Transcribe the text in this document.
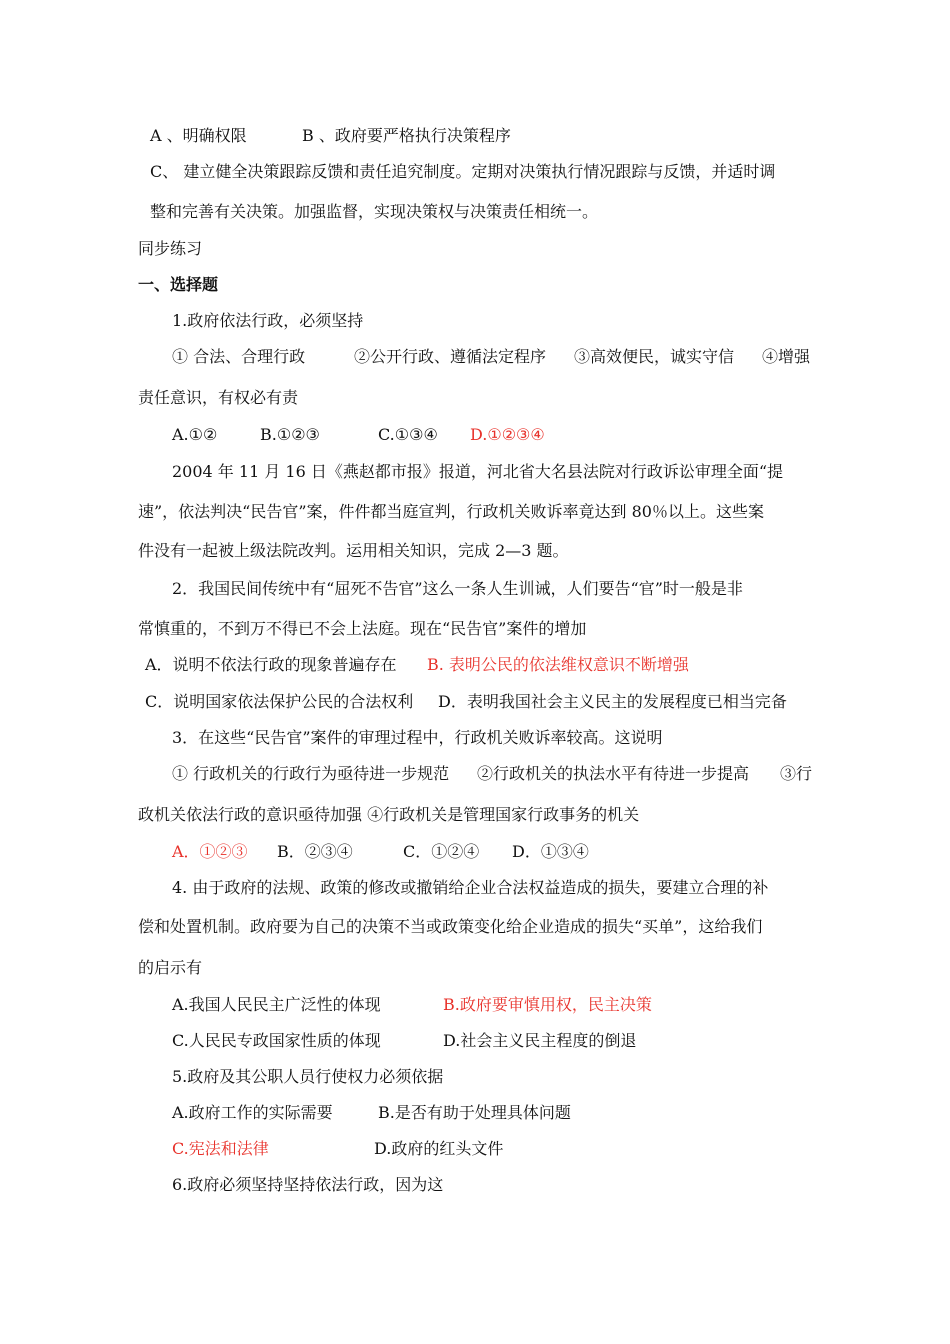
A 、明确权限	B 、政府要严格执行决策程序
C、 建立健全决策跟踪反馈和责任追究制度。定期对决策执行情况跟踪与反馈，并适时调
整和完善有关决策。加强监督，实现决策权与决策责任相统一。
同步练习
一、选择题
1.政府依法行政，必须坚持
① 合法、合理行政	②公开行政、遵循法定程序 ③高效便民，诚实守信 ④增强
责任意识，有权必有责
A.①②	B.①②③	C.①③④ D.①②③④
2004 年 11 月 16 日《燕赵都市报》报道，河北省大名县法院对行政诉讼审理全面“提
速”，依法判决“民告官”案，件件都当庭宣判，行政机关败诉率竟达到 80％以上。这些案
件没有一起被上级法院改判。运用相关知识，完成 2—3 题。
2．我国民间传统中有“屈死不告官”这么一条人生训诫，人们要告“官”时一般是非
常慎重的，不到万不得已不会上法庭。现在“民告官”案件的增加
A．说明不依法行政的现象普遍存在 B. 表明公民的依法维权意识不断增强
C．说明国家依法保护公民的合法权利 D．表明我国社会主义民主的发展程度已相当完备
3．在这些“民告官”案件的审理过程中，行政机关败诉率较高。这说明
① 行政机关的行政行为亟待进一步规范 ②行政机关的执法水平有待进一步提高 ③行
政机关依法行政的意识亟待加强 ④行政机关是管理国家行政事务的机关
A．①②③ B．②③④	C．①②④ D．①③④
4. 由于政府的法规、政策的修改或撤销给企业合法权益造成的损失，要建立合理的补
偿和处置机制。政府要为自己的决策不当或政策变化给企业造成的损失“买单”，这给我们
的启示有
A.我国人民民主广泛性的体现	B.政府要审慎用权，民主决策
C.人民民专政国家性质的体现	D.社会主义民主程度的倒退
5.政府及其公职人员行使权力必须依据
A.政府工作的实际需要	B.是否有助于处理具体问题
C.宪法和法律	D.政府的红头文件
6.政府必须坚持坚持依法行政，因为这
